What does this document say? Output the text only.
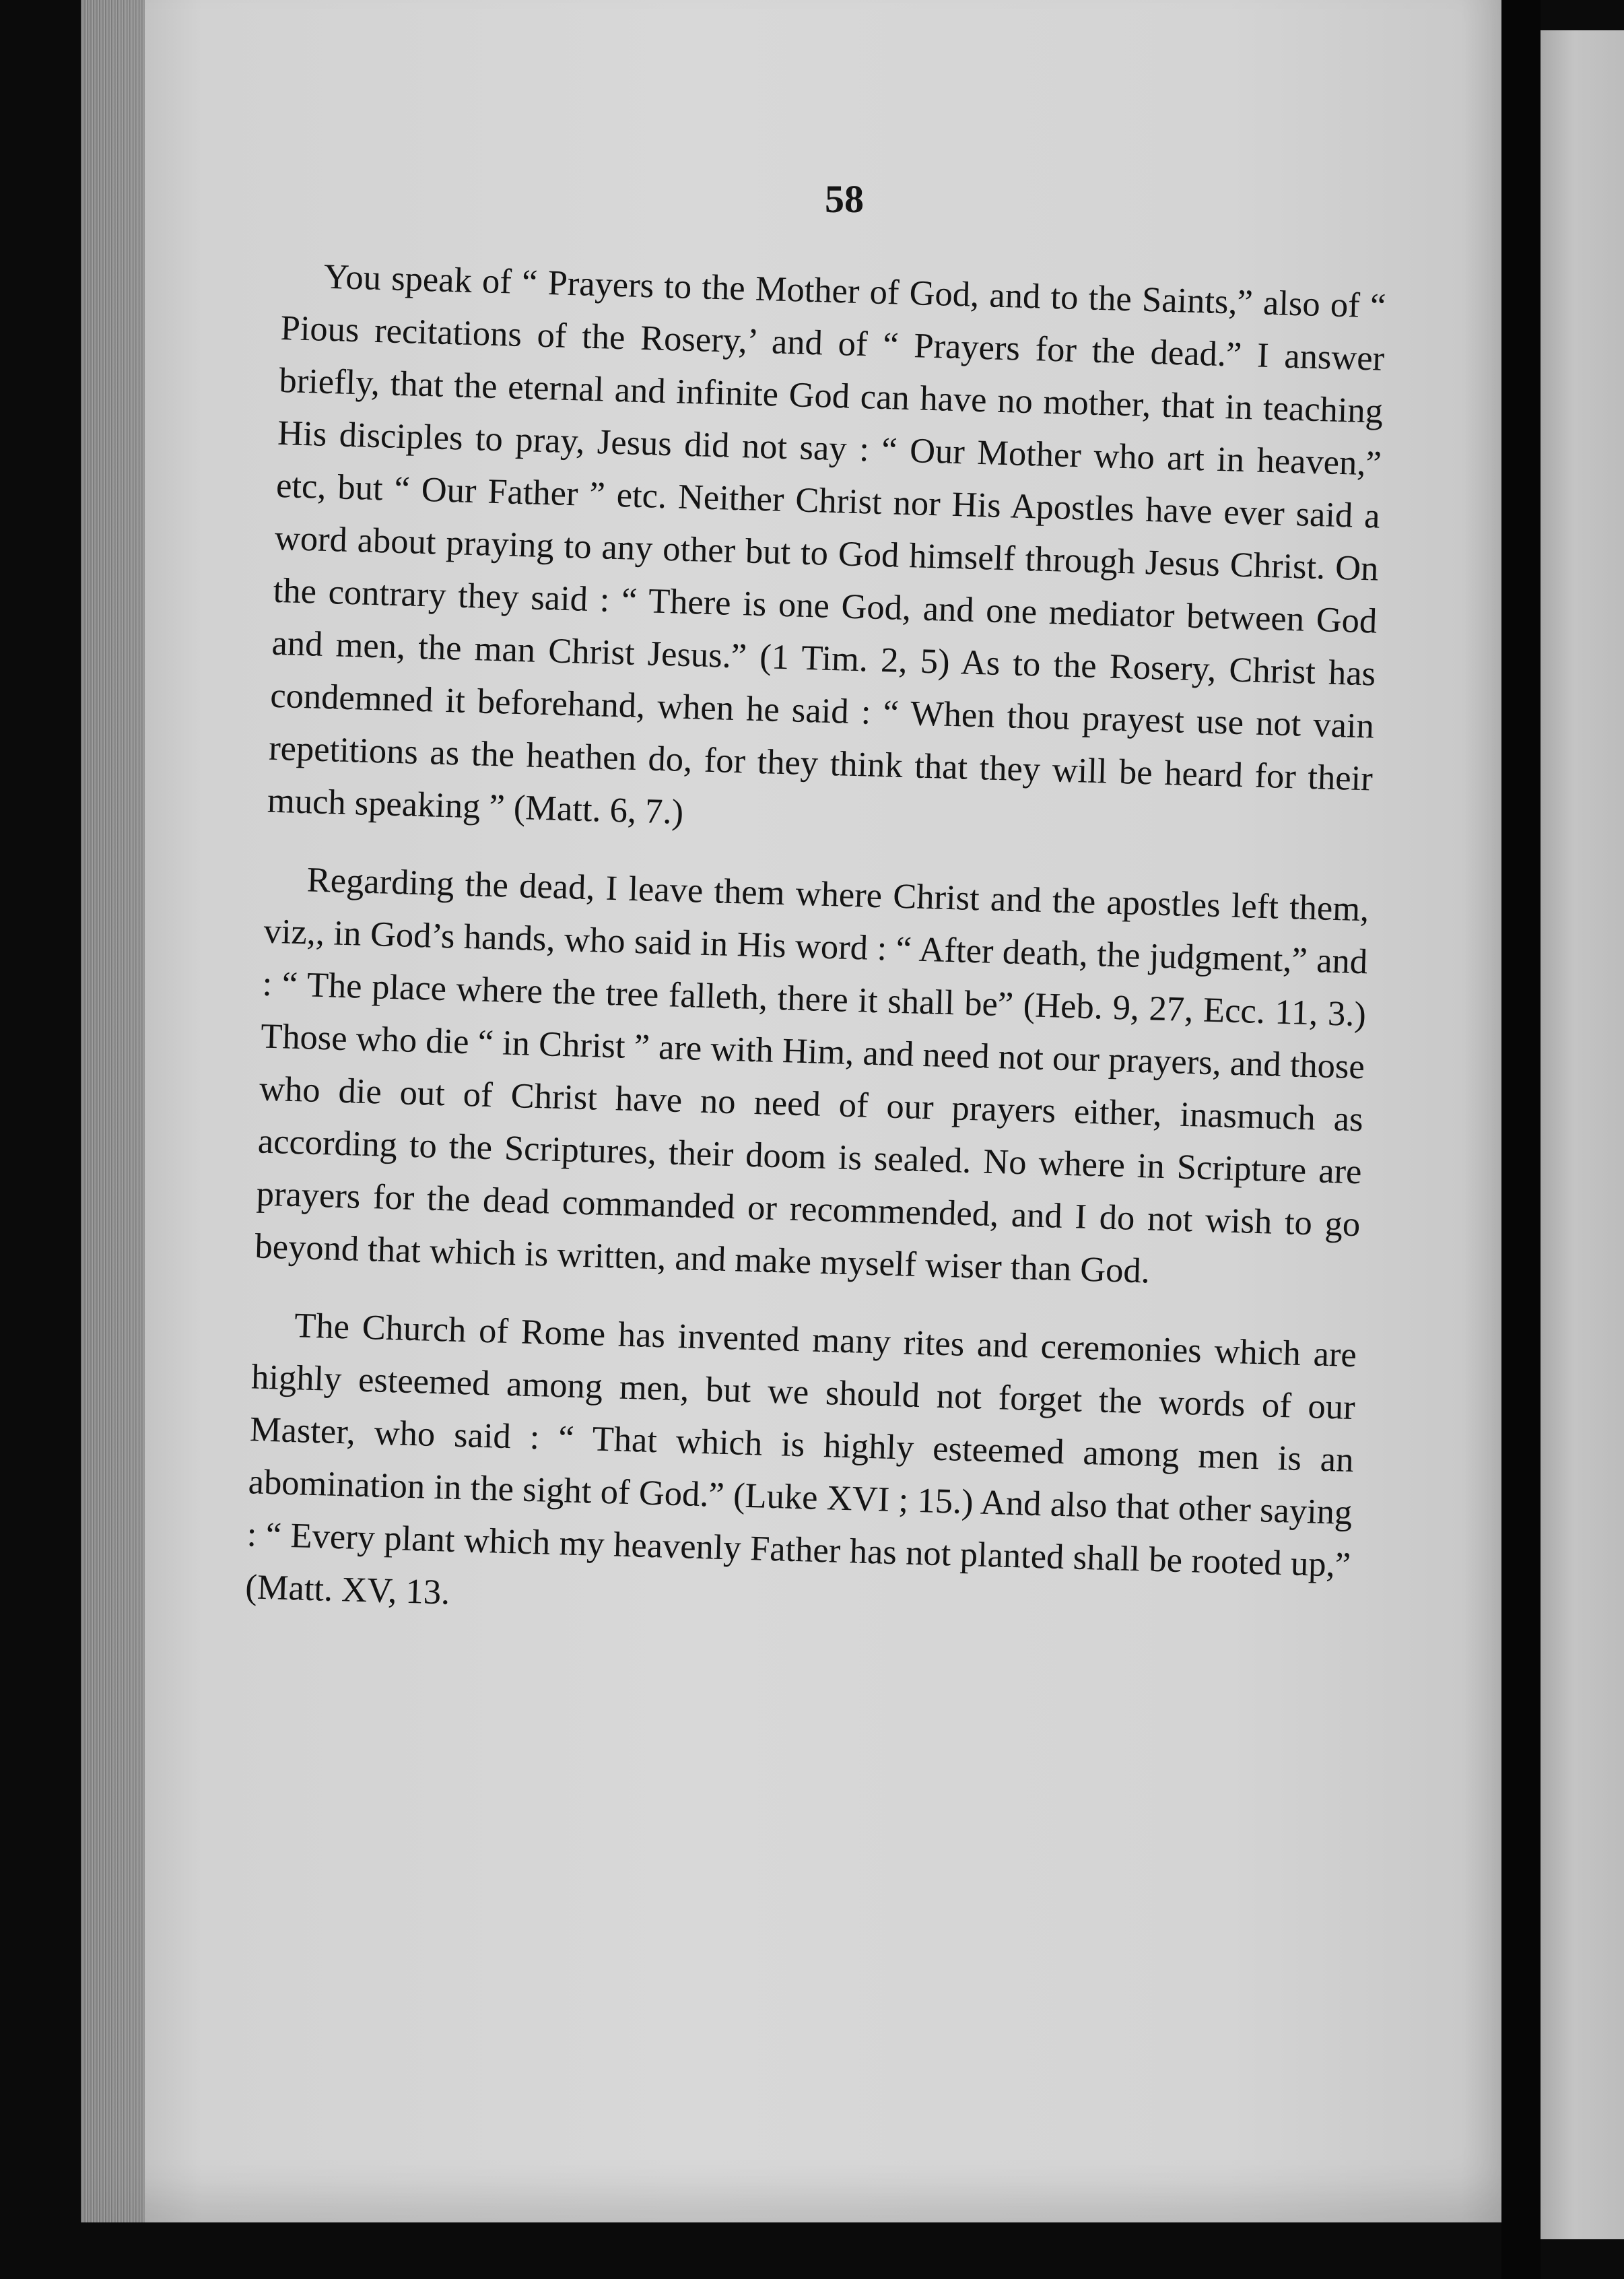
58

You speak of “ Prayers to the Mother of God, and to the Saints,” also of “ Pious recitations of the Rosery,’ and of “ Prayers for the dead.” I answer briefly, that the eternal and infinite God can have no mother, that in teaching His disciples to pray, Jesus did not say : “ Our Mother who art in heaven,” etc, but “ Our Father ” etc. Neither Christ nor His Apostles have ever said a word about praying to any other but to God himself through Jesus Christ. On the contrary they said : “ There is one God, and one mediator between God and men, the man Christ Jesus.” (1 Tim. 2, 5) As to the Rosery, Christ has condemned it beforehand, when he said : “ When thou prayest use not vain repetitions as the heathen do, for they think that they will be heard for their much speaking ” (Matt. 6, 7.)

Regarding the dead, I leave them where Christ and the apostles left them, viz,, in God’s hands, who said in His word : “ After death, the judgment,” and : “ The place where the tree falleth, there it shall be” (Heb. 9, 27, Ecc. 11, 3.) Those who die “ in Christ ” are with Him, and need not our prayers, and those who die out of Christ have no need of our prayers either, inasmuch as according to the Scriptures, their doom is sealed. No where in Scripture are prayers for the dead commanded or recommended, and I do not wish to go beyond that which is written, and make myself wiser than God.

The Church of Rome has invented many rites and ceremonies which are highly esteemed among men, but we should not forget the words of our Master, who said : “ That which is highly esteemed among men is an abomination in the sight of God.” (Luke XVI ; 15.) And also that other saying : “ Every plant which my heavenly Father has not planted shall be rooted up,” (Matt. XV, 13.
